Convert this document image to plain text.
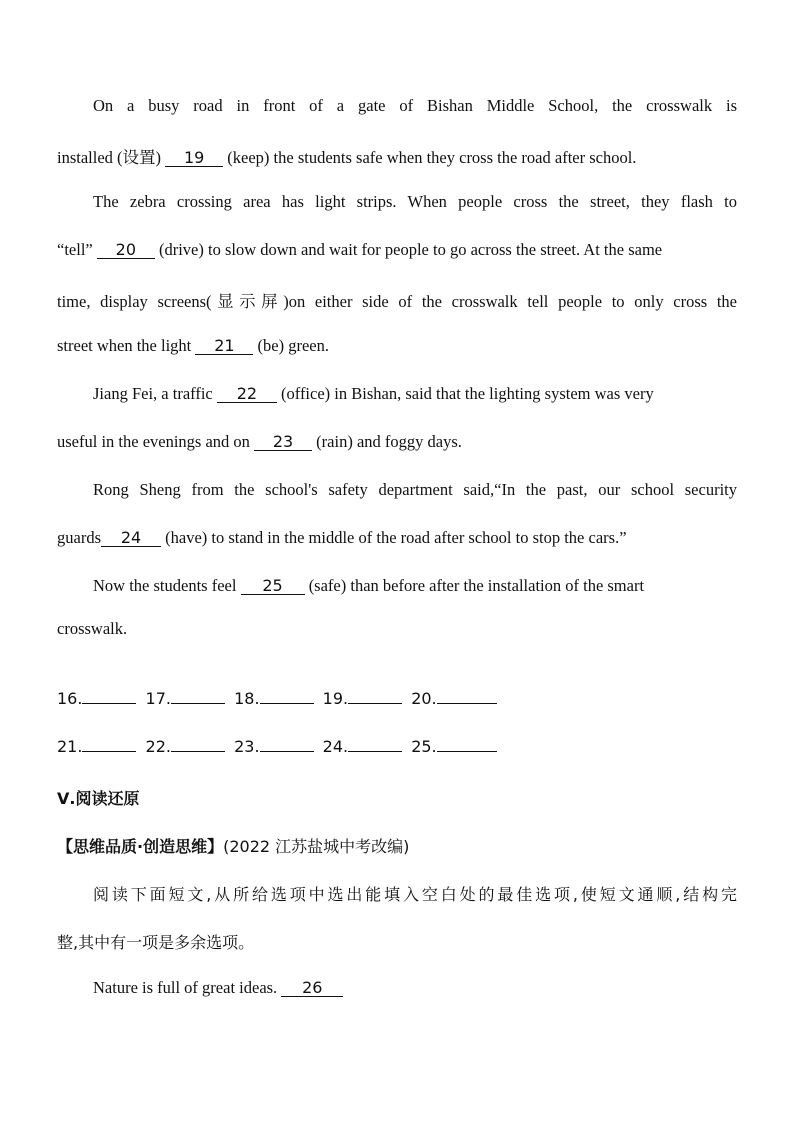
On a busy road in front of a gate of Bishan Middle School, the crosswalk is

installed (设置) 19 (keep) the students safe when they cross the road after school.

The zebra crossing area has light strips. When people cross the street, they flash to

“tell” 20 (drive) to slow down and wait for people to go across the street. At the same

time, display screens(显示屏)on either side of the crosswalk tell people to only cross the

street when the light 21 (be) green.

Jiang Fei, a traffic 22 (office) in Bishan, said that the lighting system was very

useful in the evenings and on 23 (rain) and foggy days.

Rong Sheng from the school's safety department said,“In the past, our school security

guards 24 (have) to stand in the middle of the road after school to stop the cars.”

Now the students feel 25 (safe) than before after the installation of the smart

crosswalk.

16.	17.	18.	19.	20.
21.	22.	23.	24.	25.

Ⅴ.阅读还原

【思维品质·创造思维】(2022 江苏盐城中考改编)

阅读下面短文,从所给选项中选出能填入空白处的最佳选项,使短文通顺,结构完

整,其中有一项是多余选项。

Nature is full of great ideas. 26
